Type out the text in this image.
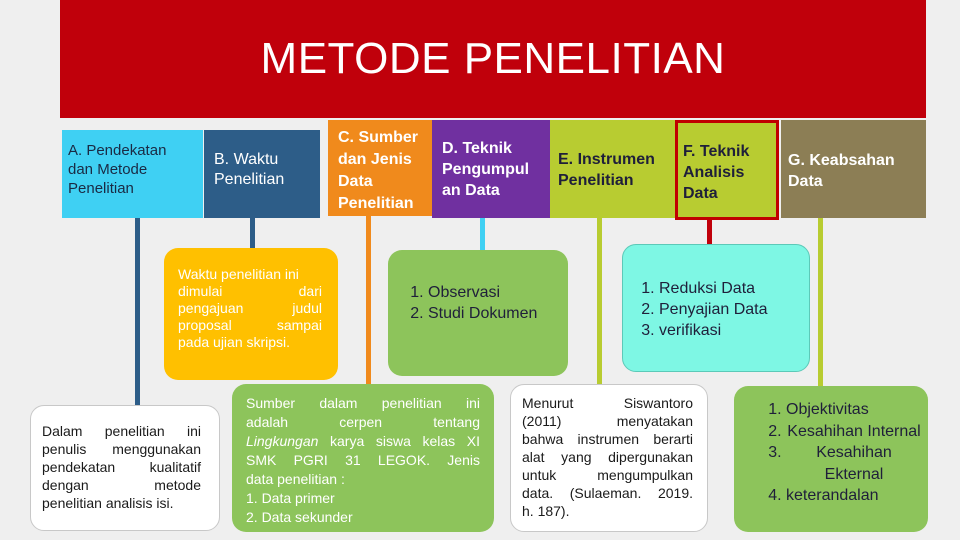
METODE PENELITIAN
A. Pendekatan
dan Metode
Penelitian
B. Waktu
Penelitian
C. Sumber
dan Jenis
Data
Penelitian
D. Teknik
Pengumpul
an Data
E. Instrumen
Penelitian
F. Teknik
Analisis
Data
G. Keabsahan
Data
Waktu penelitian ini
dimulai dari
pengajuan judul
proposal sampai
pada ujian skripsi.
Dalam penelitian ini
penulis menggunakan
pendekatan kualitatif
dengan metode
penelitian analisis isi.
Sumber dalam penelitian ini
adalah cerpen tentang
Lingkungan karya siswa kelas XI
SMK PGRI 31 LEGOK. Jenis
data penelitian :
1. Data primer
2. Data sekunder
1. Observasi
2. Studi Dokumen
Menurut Siswantoro
(2011) menyatakan
bahwa instrumen berarti
alat yang dipergunakan
untuk mengumpulkan
data. (Sulaeman. 2019.
h. 187).
1. Reduksi Data
2. Penyajian Data
3. verifikasi
1. Objektivitas
2. Kesahihan Internal
3. Kesahihan Ekternal
4. keterandalan
